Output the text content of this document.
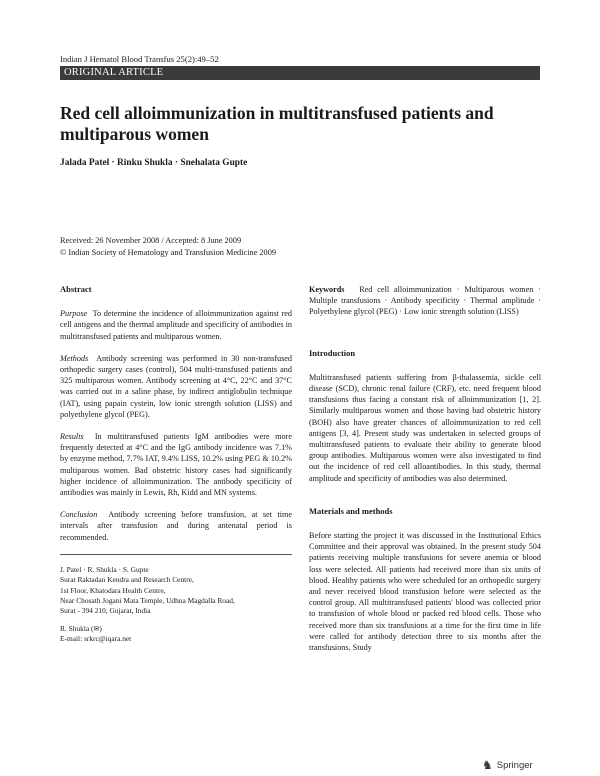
Indian J Hematol Blood Transfus 25(2):49–52
ORIGINAL ARTICLE
Red cell alloimmunization in multitransfused patients and multiparous women
Jalada Patel · Rinku Shukla · Snehalata Gupte
Received: 26 November 2008 / Accepted: 8 June 2009
© Indian Society of Hematology and Transfusion Medicine 2009
Abstract

Purpose To determine the incidence of alloimmunization against red cell antigens and the thermal amplitude and specificity of antibodies in multitransfused patients and multiparous women.

Methods Antibody screening was performed in 30 non-transfused orthopedic surgery cases (control), 504 multi-transfused patients and 325 multiparous women. Antibody screening at 4°C, 22°C and 37°C was carried out in a saline phase, by indirect antiglobulin technique (IAT), using papain cystein, low ionic strength solution (LISS) and polyethylene glycol (PEG).

Results In multitransfused patients IgM antibodies were more frequently detected at 4°C and the IgG antibody incidence was 7.1% by enzyme method, 7.7% IAT, 9.4% LISS, 10.2% using PEG & 10.2% multiparous women. Bad obstetric history cases had significantly higher incidence of alloimmunization. The antibody specificity of antibodies was mainly in Lewis, Rh, Kidd and MN systems.

Conclusion Antibody screening before transfusion, at set time intervals after transfusion and during antenatal period is recommended.

J. Patel · R. Shukla · S. Gupte
Surat Raktadan Kendra and Research Centre,
1st Floor, Khatodara Health Centre,
Near Chosath Jogani Mata Temple, Udhna Magdalla Road,
Surat - 394 210, Gujarat, India
R. Shukla (✉)
E-mail: srkrc@iqara.net

Keywords Red cell alloimmunization · Multiparous women · Multiple transfusions · Antibody specificity · Thermal amplitude · Polyethylene glycol (PEG) · Low ionic strength solution (LISS)

Introduction

Multitransfused patients suffering from β-thalassemia, sickle cell disease (SCD), chronic renal failure (CRF), etc. need frequent blood transfusions thus facing a constant risk of alloimmunization [1, 2]. Similarly multiparous women and those having bad obstetric history (BOH) also have greater chances of alloimmunization to red cell antigens [3, 4]. Present study was undertaken in selected groups of multitransfused patients to evaluate their ability to generate blood group antibodies. Multiparous women were also investigated to find out the incidence of red cell alloantibodies. In this study, thermal amplitude and specificity of antibodies was also determined.

Materials and methods

Before starting the project it was discussed in the Institutional Ethics Committee and their approval was obtained. In the present study 504 patients receiving multiple transfusions for severe anemia or blood loss were selected. All patients had received more than six units of blood. Healthy patients who were scheduled for an orthopedic surgery and never received blood transfusion before were selected as the control group. All multitransfused patients' blood was collected prior to transfusion of whole blood or packed red blood cells. Those who received more than six transfusions at a time for the first time in life were called for antibody detection three to six months after the transfusions. Study

♞ Springer
